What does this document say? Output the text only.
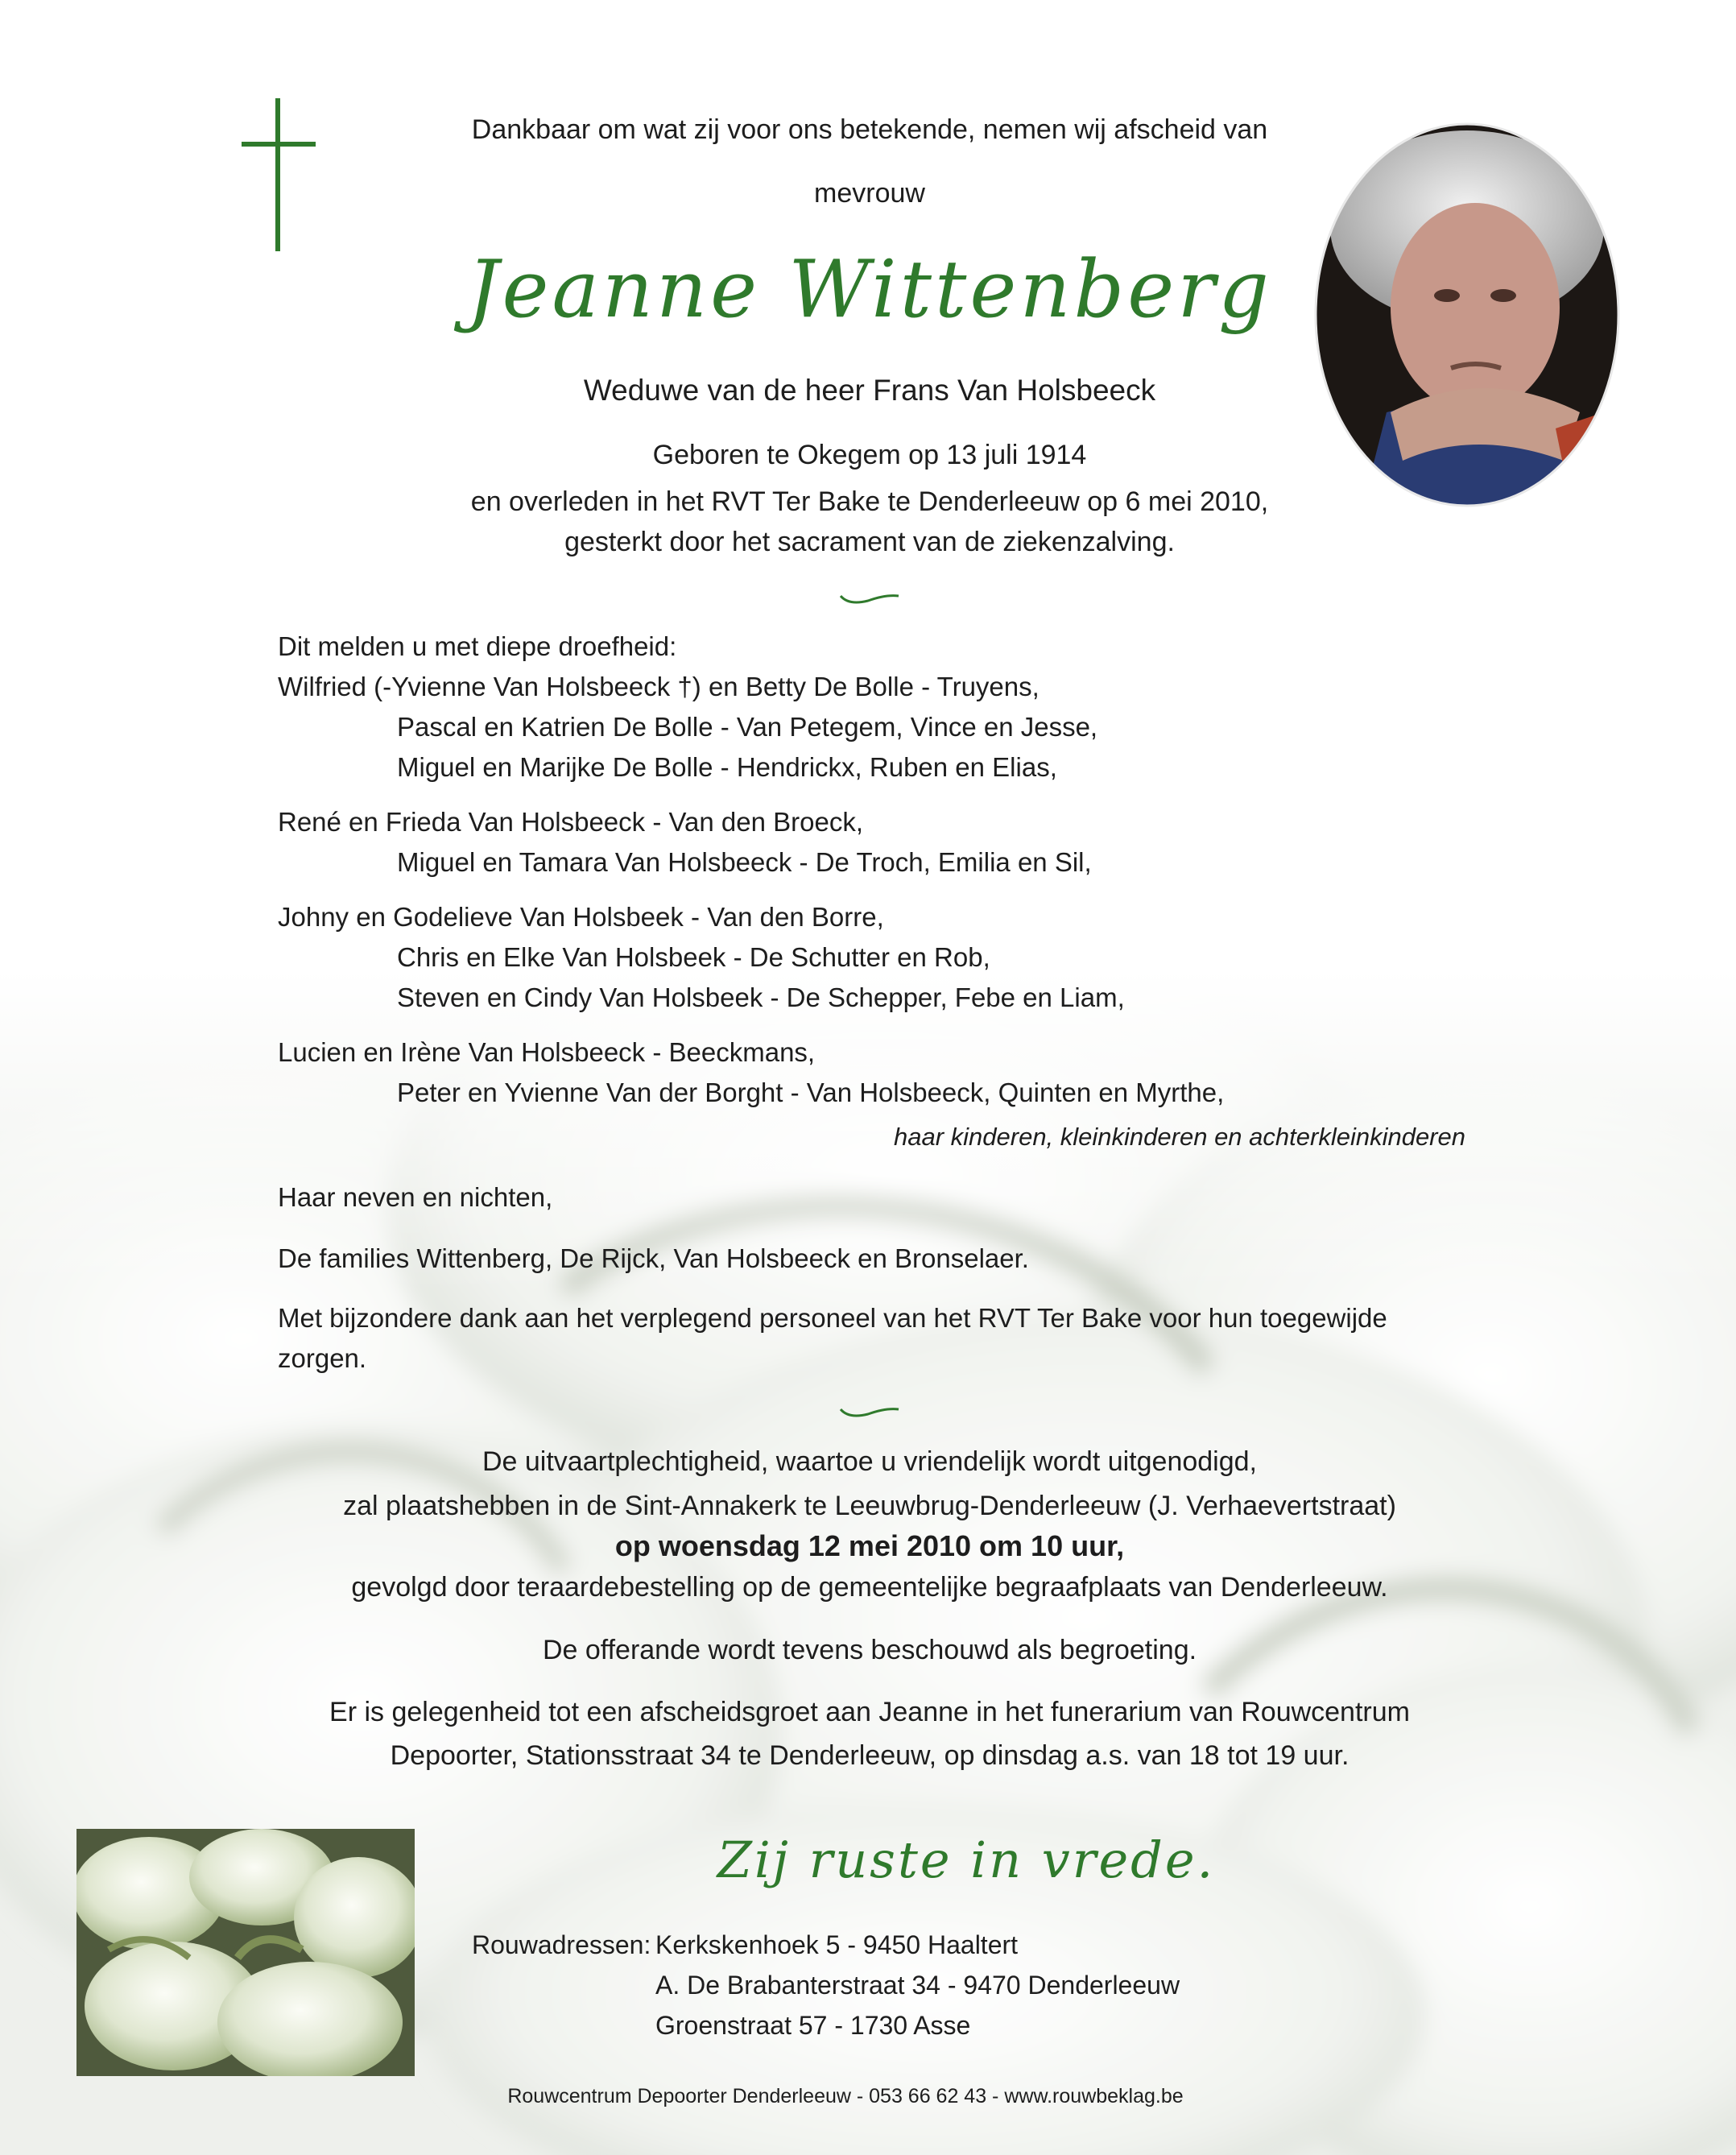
Dankbaar om wat zij voor ons betekende, nemen wij afscheid van
mevrouw
Jeanne Wittenberg
Weduwe van de heer Frans Van Holsbeeck
Geboren te Okegem op 13 juli 1914
en overleden in het RVT Ter Bake te Denderleeuw op 6 mei 2010,
gesterkt door het sacrament van de ziekenzalving.
Dit melden u met diepe droefheid:
Wilfried (-Yvienne Van Holsbeeck †) en Betty De Bolle - Truyens,
Pascal en Katrien De Bolle - Van Petegem, Vince en Jesse,
Miguel en Marijke De Bolle - Hendrickx, Ruben en Elias,
René en Frieda Van Holsbeeck - Van den Broeck,
Miguel en Tamara Van Holsbeeck - De Troch, Emilia en Sil,
Johny en Godelieve Van Holsbeek - Van den Borre,
Chris en Elke Van Holsbeek - De Schutter en Rob,
Steven en Cindy Van Holsbeek - De Schepper, Febe en Liam,
Lucien en Irène Van Holsbeeck - Beeckmans,
Peter en Yvienne Van der Borght - Van Holsbeeck, Quinten en Myrthe,
haar kinderen, kleinkinderen en achterkleinkinderen
Haar neven en nichten,
De families Wittenberg, De Rijck, Van Holsbeeck en Bronselaer.
Met bijzondere dank aan het verplegend personeel van het RVT Ter Bake voor hun toegewijde
zorgen.
De uitvaartplechtigheid, waartoe u vriendelijk wordt uitgenodigd,
zal plaatshebben in de Sint-Annakerk te Leeuwbrug-Denderleeuw (J. Verhaevertstraat)
op woensdag 12 mei 2010 om 10 uur,
gevolgd door teraardebestelling op de gemeentelijke begraafplaats van Denderleeuw.
De offerande wordt tevens beschouwd als begroeting.
Er is gelegenheid tot een afscheidsgroet aan Jeanne in het funerarium van Rouwcentrum
Depoorter, Stationsstraat 34 te Denderleeuw, op dinsdag a.s. van 18 tot 19 uur.
Zij ruste in vrede.
Rouwadressen: Kerkskenhoek 5 - 9450 Haaltert
A. De Brabanterstraat 34 - 9470 Denderleeuw
Groenstraat 57 - 1730 Asse
Rouwcentrum Depoorter Denderleeuw - 053 66 62 43 - www.rouwbeklag.be
